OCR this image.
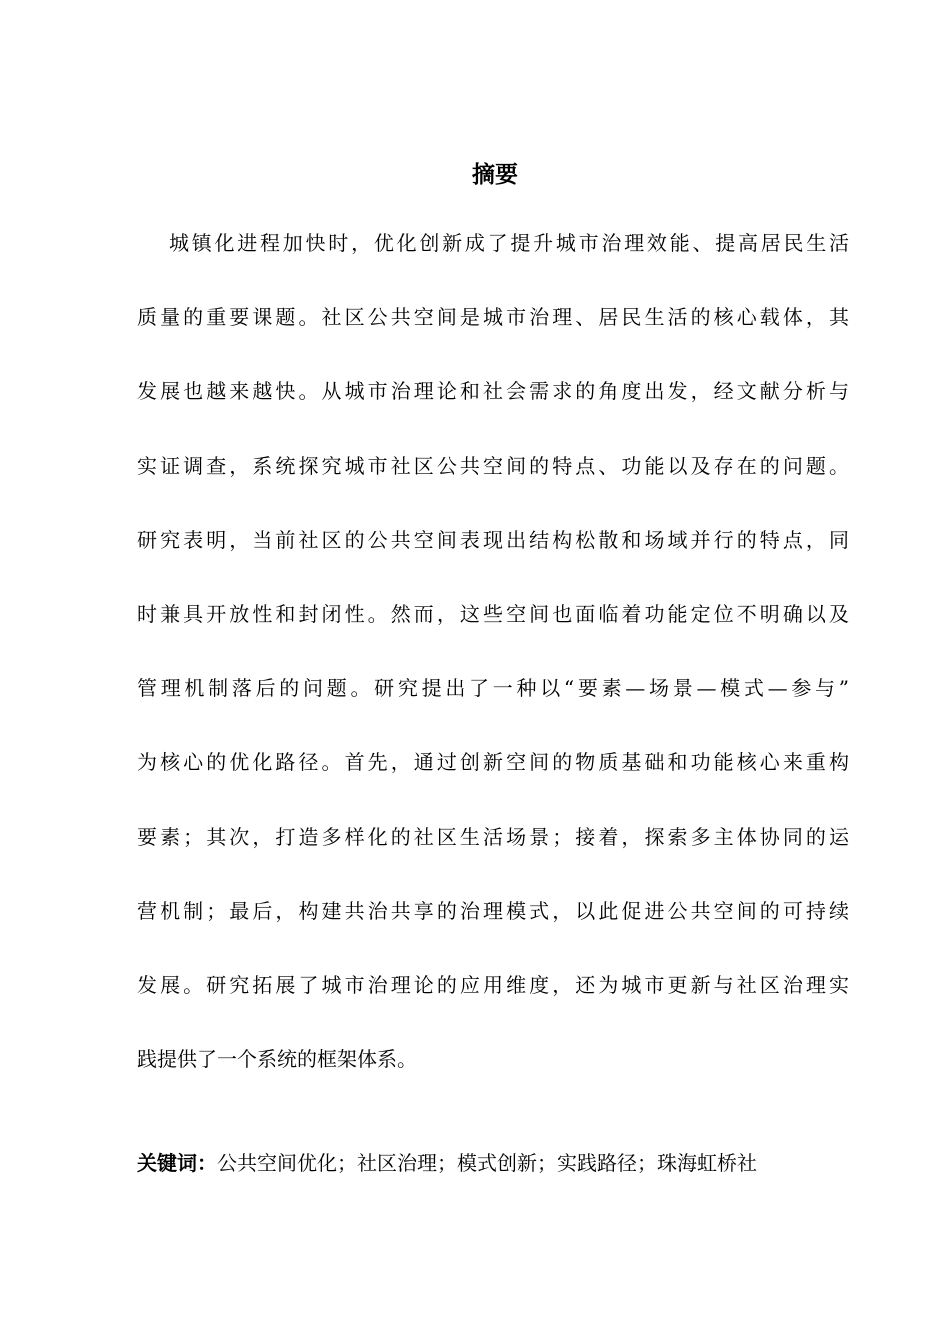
摘要
城镇化进程加快时，优化创新成了提升城市治理效能、提高居民生活
质量的重要课题。社区公共空间是城市治理、居民生活的核心载体，其
发展也越来越快。从城市治理论和社会需求的角度出发，经文献分析与
实证调查，系统探究城市社区公共空间的特点、功能以及存在的问题。
研究表明，当前社区的公共空间表现出结构松散和场域并行的特点，同
时兼具开放性和封闭性。然而，这些空间也面临着功能定位不明确以及
管理机制落后的问题。研究提出了一种以“要素—场景—模式—参与”
为核心的优化路径。首先，通过创新空间的物质基础和功能核心来重构
要素；其次，打造多样化的社区生活场景；接着，探索多主体协同的运
营机制；最后，构建共治共享的治理模式，以此促进公共空间的可持续
发展。研究拓展了城市治理论的应用维度，还为城市更新与社区治理实
践提供了一个系统的框架体系。

关键词：公共空间优化；社区治理；模式创新；实践路径；珠海虹桥社
